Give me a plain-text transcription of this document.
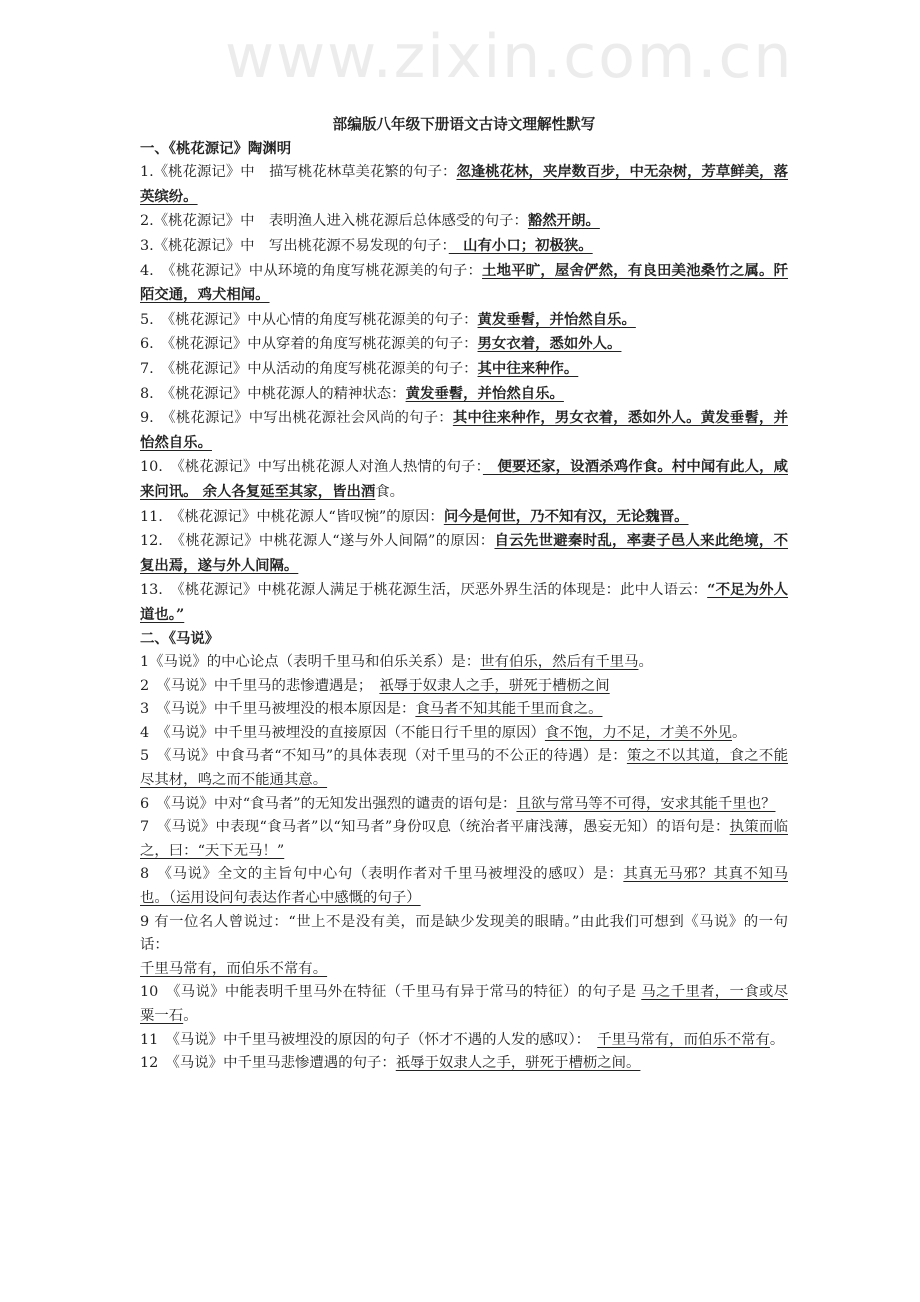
www.zixin.com.cn
部编版八年级下册语文古诗文理解性默写
一、《桃花源记》陶渊明

1.《桃花源记》中　描写桃花林草美花繁的句子：忽逢桃花林，夹岸数百步，中无杂树，芳草鲜美，落英缤纷。

2.《桃花源记》中　表明渔人进入桃花源后总体感受的句子：豁然开朗。

3.《桃花源记》中　写出桃花源不易发现的句子：　山有小口；初极狭。

4.　《桃花源记》中从环境的角度写桃花源美的句子：土地平旷，屋舍俨然，有良田美池桑竹之属。阡陌交通，鸡犬相闻。

5.　《桃花源记》中从心情的角度写桃花源美的句子：黄发垂髫，并怡然自乐。

6.　《桃花源记》中从穿着的角度写桃花源美的句子：男女衣着，悉如外人。

7.　《桃花源记》中从活动的角度写桃花源美的句子：其中往来种作。

8.　《桃花源记》中桃花源人的精神状态：黄发垂髫，并怡然自乐。

9.　《桃花源记》中写出桃花源社会风尚的句子：其中往来种作，男女衣着，悉如外人。黄发垂髫，并怡然自乐。

10.　《桃花源记》中写出桃花源人对渔人热情的句子：　便要还家，设酒杀鸡作食。村中闻有此人，咸来问讯。 余人各复延至其家，皆出酒食。

11.　《桃花源记》中桃花源人“皆叹惋”的原因：问今是何世，乃不知有汉，无论魏晋。

12.　《桃花源记》中桃花源人“遂与外人间隔”的原因：自云先世避秦时乱，率妻子邑人来此绝境，不复出焉，遂与外人间隔。

13.　《桃花源记》中桃花源人满足于桃花源生活，厌恶外界生活的体现是：此中人语云：“不足为外人道也。”

二、《马说》

1《马说》的中心论点（表明千里马和伯乐关系）是：世有伯乐，然后有千里马。

2　《马说》中千里马的悲惨遭遇是；　祇辱于奴隶人之手，骈死于槽枥之间

3　《马说》中千里马被埋没的根本原因是：食马者不知其能千里而食之。

4　《马说》中千里马被埋没的直接原因（不能日行千里的原因）食不饱，力不足，才美不外见。

5　《马说》中食马者“不知马”的具体表现（对千里马的不公正的待遇）是：策之不以其道，食之不能尽其材，鸣之而不能通其意。

6　《马说》中对“食马者”的无知发出强烈的谴责的语句是：且欲与常马等不可得，安求其能千里也？

7　《马说》中表现“食马者”以“知马者”身份叹息（统治者平庸浅薄，愚妄无知）的语句是：执策而临之，曰：“天下无马！”

8　《马说》全文的主旨句中心句（表明作者对千里马被埋没的感叹）是：其真无马邪？其真不知马也。（运用设问句表达作者心中感慨的句子）

9 有一位名人曾说过：“世上不是没有美，而是缺少发现美的眼睛。”由此我们可想到《马说》的一句话：
千里马常有，而伯乐不常有。

10　《马说》中能表明千里马外在特征（千里马有异于常马的特征）的句子是 马之千里者，一食或尽粟一石。

11　《马说》中千里马被埋没的原因的句子（怀才不遇的人发的感叹）：　千里马常有，而伯乐不常有。

12　《马说》中千里马悲惨遭遇的句子：祇辱于奴隶人之手，骈死于槽枥之间。
